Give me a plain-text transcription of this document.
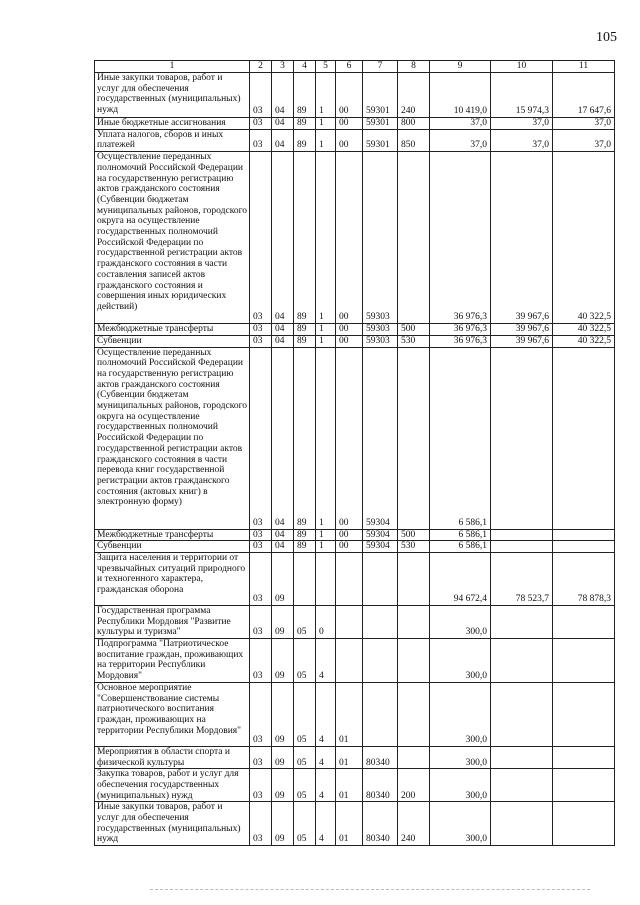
105
1	2	3	4	5	6	7	8	9	10	11
Иные закупки товаров, работ и услуг для обеспечения государственных (муниципальных) нужд	03	04	89	1	00	59301	240	10 419,0	15 974,3	17 647,6
Иные бюджетные ассигнования	03	04	89	1	00	59301	800	37,0	37,0	37,0
Уплата налогов, сборов и иных платежей	03	04	89	1	00	59301	850	37,0	37,0	37,0
Осуществление переданных полномочий Российской Федерации на государственную регистрацию актов гражданского состояния (Субвенции бюджетам муниципальных районов, городского округа на осуществление государственных полномочий Российской Федерации по государственной регистрации актов гражданского состояния в части составления записей актов гражданского состояния и совершения иных юридических действий)	03	04	89	1	00	59303		36 976,3	39 967,6	40 322,5
Межбюджетные трансферты	03	04	89	1	00	59303	500	36 976,3	39 967,6	40 322,5
Субвенции	03	04	89	1	00	59303	530	36 976,3	39 967,6	40 322,5
Осуществление переданных полномочий Российской Федерации на государственную регистрацию актов гражданского состояния (Субвенции бюджетам муниципальных районов, городского округа на осуществление государственных полномочий Российской Федерации по государственной регистрации актов гражданского состояния в части перевода книг государственной регистрации актов гражданского состояния (актовых книг) в электронную форму)	03	04	89	1	00	59304		6 586,1		
Межбюджетные трансферты	03	04	89	1	00	59304	500	6 586,1		
Субвенции	03	04	89	1	00	59304	530	6 586,1		
Защита населения и территории от чрезвычайных ситуаций природного и техногенного характера, гражданская оборона	03	09						94 672,4	78 523,7	78 878,3
Государственная программа Республики Мордовия "Развитие культуры и туризма"	03	09	05	0				300,0		
Подпрограмма "Патриотическое воспитание граждан, проживающих на территории Республики Мордовия"	03	09	05	4				300,0		
Основное мероприятие "Совершенствование системы патриотического воспитания граждан, проживающих на территории Республики Мордовия"	03	09	05	4	01			300,0		
Мероприятия в области спорта и физической культуры	03	09	05	4	01	80340		300,0		
Закупка товаров, работ и услуг для обеспечения государственных (муниципальных) нужд	03	09	05	4	01	80340	200	300,0		
Иные закупки товаров, работ и услуг для обеспечения государственных (муниципальных) нужд	03	09	05	4	01	80340	240	300,0		
